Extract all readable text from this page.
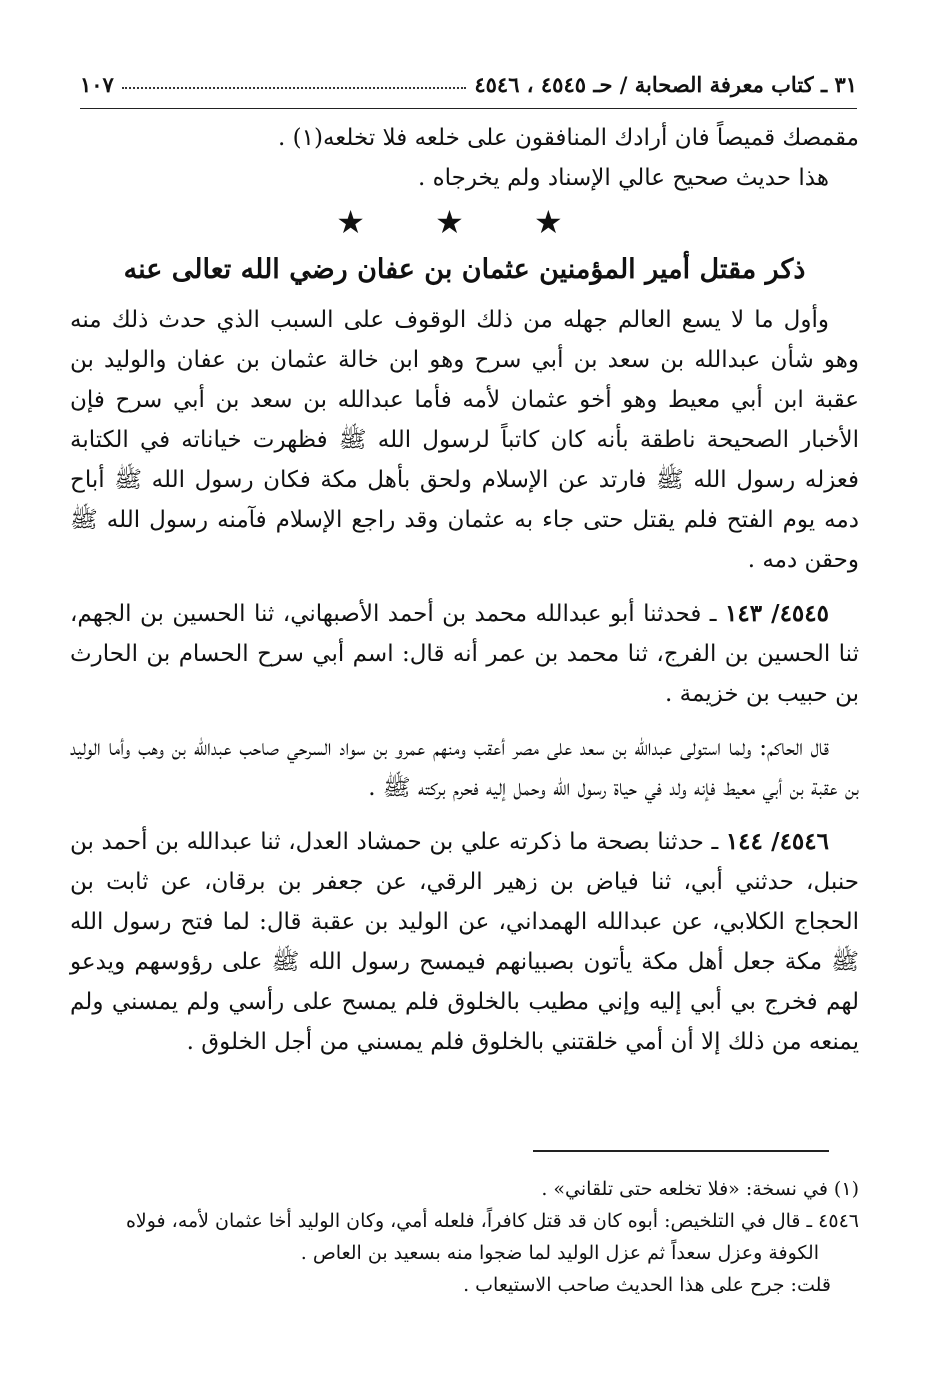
١٠٧	٣١ ـ كتاب معرفة الصحابة / حـ ٤٥٤٥ ، ٤٥٤٦

مقمصك قميصاً فان أرادك المنافقون على خلعه فلا تخلعه(١) .

هذا حديث صحيح عالي الإسناد ولم يخرجاه .

★ ★ ★
ذكر مقتل أمير المؤمنين عثمان بن عفان رضي الله تعالى عنه

وأول ما لا يسع العالم جهله من ذلك الوقوف على السبب الذي حدث ذلك منه وهو شأن عبدالله بن سعد بن أبي سرح وهو ابن خالة عثمان بن عفان والوليد بن عقبة ابن أبي معيط وهو أخو عثمان لأمه فأما عبدالله بن سعد بن أبي سرح فإن الأخبار الصحيحة ناطقة بأنه كان كاتباً لرسول الله ﷺ فظهرت خياناته في الكتابة فعزله رسول الله ﷺ فارتد عن الإسلام ولحق بأهل مكة فكان رسول الله ﷺ أباح دمه يوم الفتح فلم يقتل حتى جاء به عثمان وقد راجع الإسلام فآمنه رسول الله ﷺ وحقن دمه .

٤٥٤٥/ ١٤٣ ـ فحدثنا أبو عبدالله محمد بن أحمد الأصبهاني، ثنا الحسين بن الجهم، ثنا الحسين بن الفرج، ثنا محمد بن عمر أنه قال: اسم أبي سرح الحسام بن الحارث بن حبيب بن خزيمة .

قال الحاكم: ولما استولى عبدالله بن سعد على مصر أعقب ومنهم عمرو بن سواد السرحي صاحب عبدالله بن وهب وأما الوليد بن عقبة بن أبي معيط فإنه ولد في حياة رسول الله وحمل إليه فحرم بركته ﷺ .

٤٥٤٦/ ١٤٤ ـ حدثنا بصحة ما ذكرته علي بن حمشاد العدل، ثنا عبدالله بن أحمد بن حنبل، حدثني أبي، ثنا فياض بن زهير الرقي، عن جعفر بن برقان، عن ثابت بن الحجاج الكلابي، عن عبدالله الهمداني، عن الوليد بن عقبة قال: لما فتح رسول الله ﷺ مكة جعل أهل مكة يأتون بصبيانهم فيمسح رسول الله ﷺ على رؤوسهم ويدعو لهم فخرج بي أبي إليه وإني مطيب بالخلوق فلم يمسح على رأسي ولم يمسني ولم يمنعه من ذلك إلا أن أمي خلقتني بالخلوق فلم يمسني من أجل الخلوق .

(١) في نسخة: «فلا تخلعه حتى تلقاني» .

٤٥٤٦ ـ قال في التلخيص: أبوه كان قد قتل كافراً، فلعله أمي، وكان الوليد أخا عثمان لأمه، فولاه

الكوفة وعزل سعداً ثم عزل الوليد لما ضجوا منه بسعيد بن العاص .

قلت: جرح على هذا الحديث صاحب الاستيعاب .
